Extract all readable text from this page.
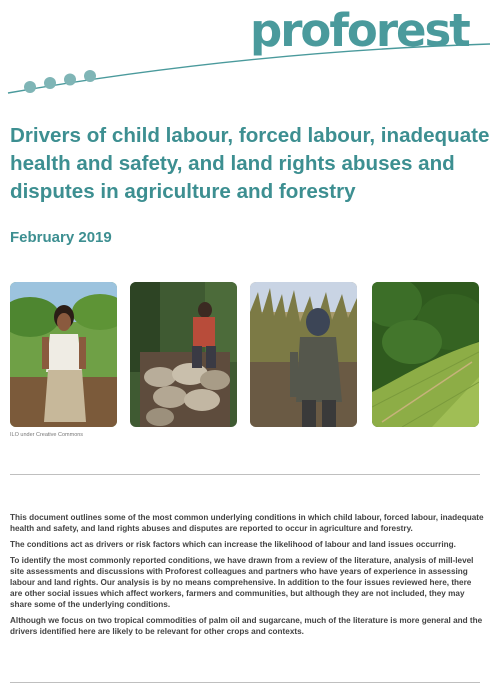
proforest
Drivers of child labour, forced labour, inadequate health and safety, and land rights abuses and disputes in agriculture and forestry
February 2019
ILO under Creative Commons

This document outlines some of the most common underlying conditions in which child labour, forced labour, inadequate health and safety, and land rights abuses and disputes are reported to occur in agriculture and forestry.

The conditions act as drivers or risk factors which can increase the likelihood of labour and land issues occurring.

To identify the most commonly reported conditions, we have drawn from a review of the literature, analysis of mill-level site assessments and discussions with Proforest colleagues and partners who have years of experience in assessing labour and land rights. Our analysis is by no means comprehensive. In addition to the four issues reviewed here, there are other social issues which affect workers, farmers and communities, but although they are not included, they may share some of the underlying conditions.

Although we focus on two tropical commodities of palm oil and sugarcane, much of the literature is more general and the drivers identified here are likely to be relevant for other crops and contexts.
